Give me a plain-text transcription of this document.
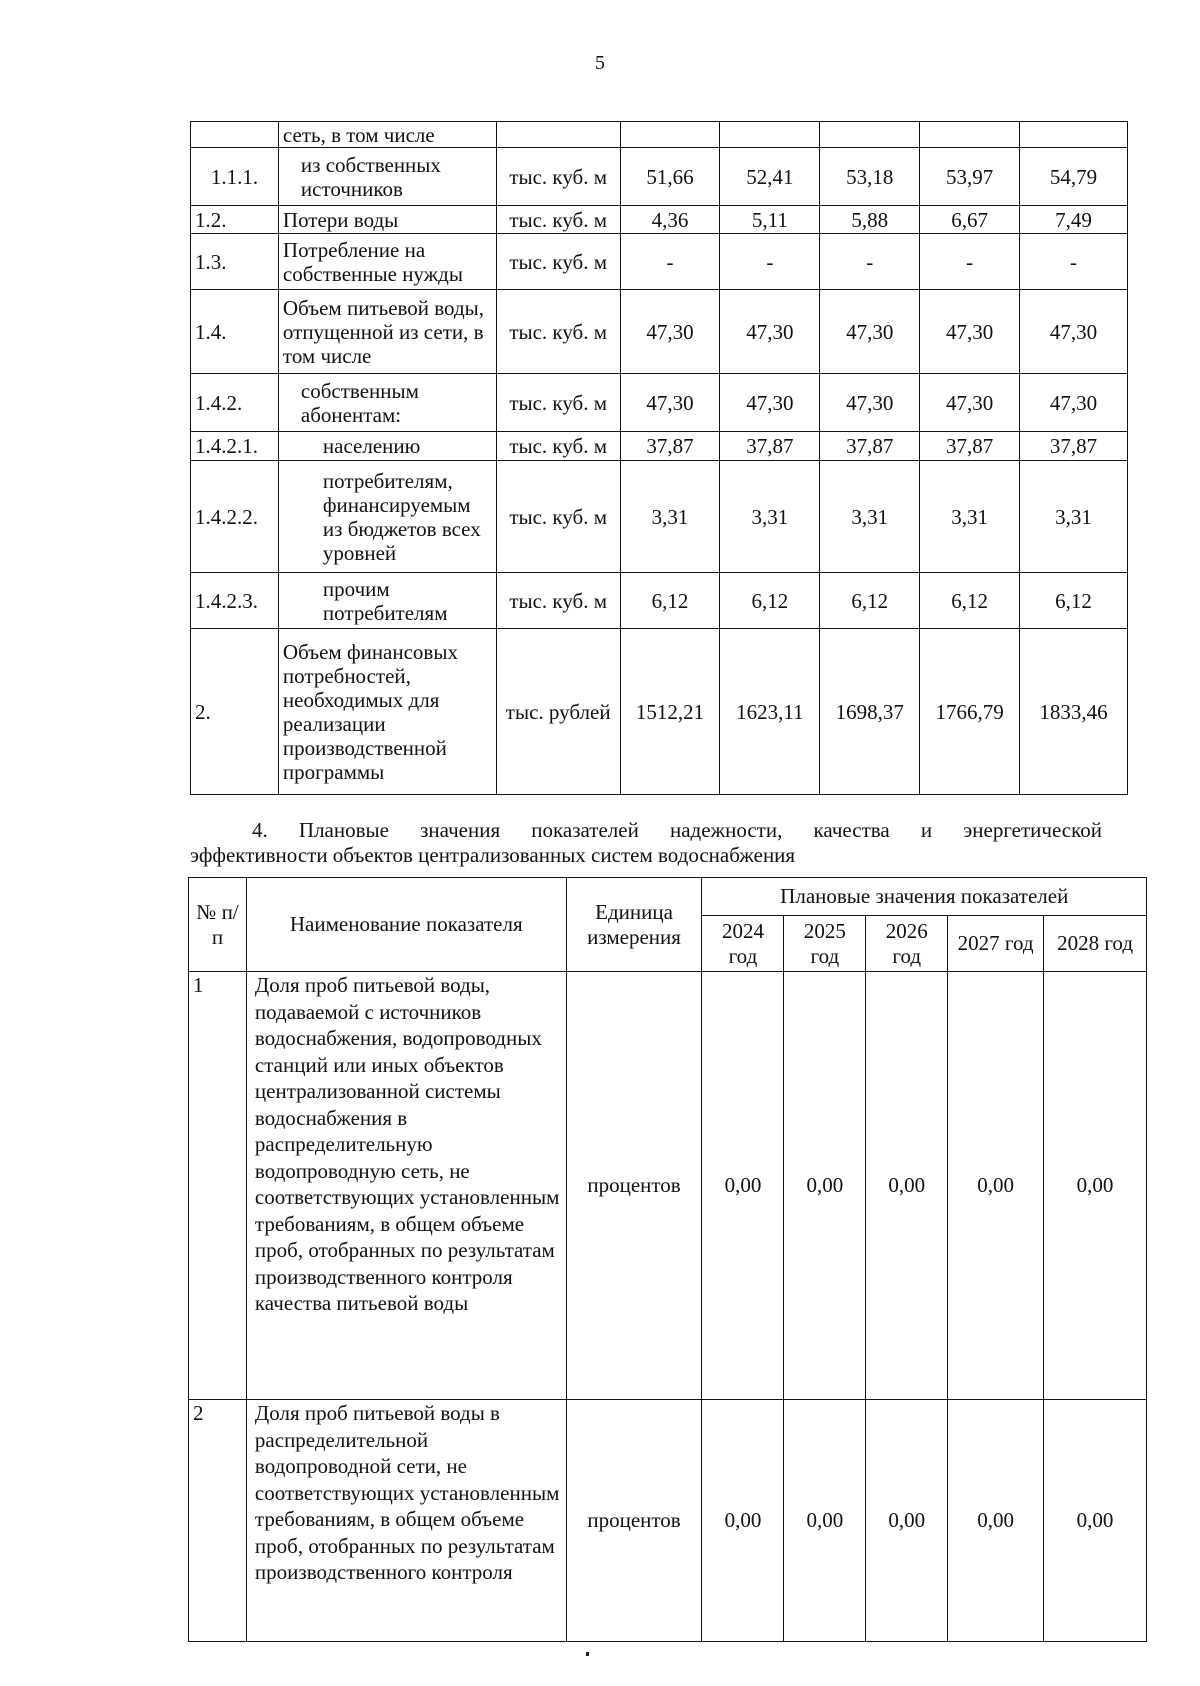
5
	сеть, в том числе						
1.1.1.	из собственных источников	тыс. куб. м	51,66	52,41	53,18	53,97	54,79
1.2.	Потери воды	тыс. куб. м	4,36	5,11	5,88	6,67	7,49
1.3.	Потребление на собственные нужды	тыс. куб. м	-	-	-	-	-
1.4.	Объем питьевой воды, отпущенной из сети, в том числе	тыс. куб. м	47,30	47,30	47,30	47,30	47,30
1.4.2.	собственным абонентам:	тыс. куб. м	47,30	47,30	47,30	47,30	47,30
1.4.2.1.	населению	тыс. куб. м	37,87	37,87	37,87	37,87	37,87
1.4.2.2.	потребителям, финансируемым из бюджетов всех уровней	тыс. куб. м	3,31	3,31	3,31	3,31	3,31
1.4.2.3.	прочим потребителям	тыс. куб. м	6,12	6,12	6,12	6,12	6,12
2.	Объем финансовых потребностей, необходимых для реализации производственной программы	тыс. рублей	1512,21	1623,11	1698,37	1766,79	1833,46
4. Плановые значения показателей надежности, качества и энергетической
эффективности объектов централизованных систем водоснабжения
№ п/п	Наименование показателя	Единица измерения	Плановые значения показателей				
			2024 год	2025 год	2026 год	2027 год	2028 год
1	Доля проб питьевой воды, подаваемой с источников водоснабжения, водопроводных станций или иных объектов централизованной системы водоснабжения в распределительную водопроводную сеть, не соответствующих установленным требованиям, в общем объеме проб, отобранных по результатам производственного контроля качества питьевой воды	процентов	0,00	0,00	0,00	0,00	0,00
2	Доля проб питьевой воды в распределительной водопроводной сети, не соответствующих установленным требованиям, в общем объеме проб, отобранных по результатам производственного контроля	процентов	0,00	0,00	0,00	0,00	0,00
